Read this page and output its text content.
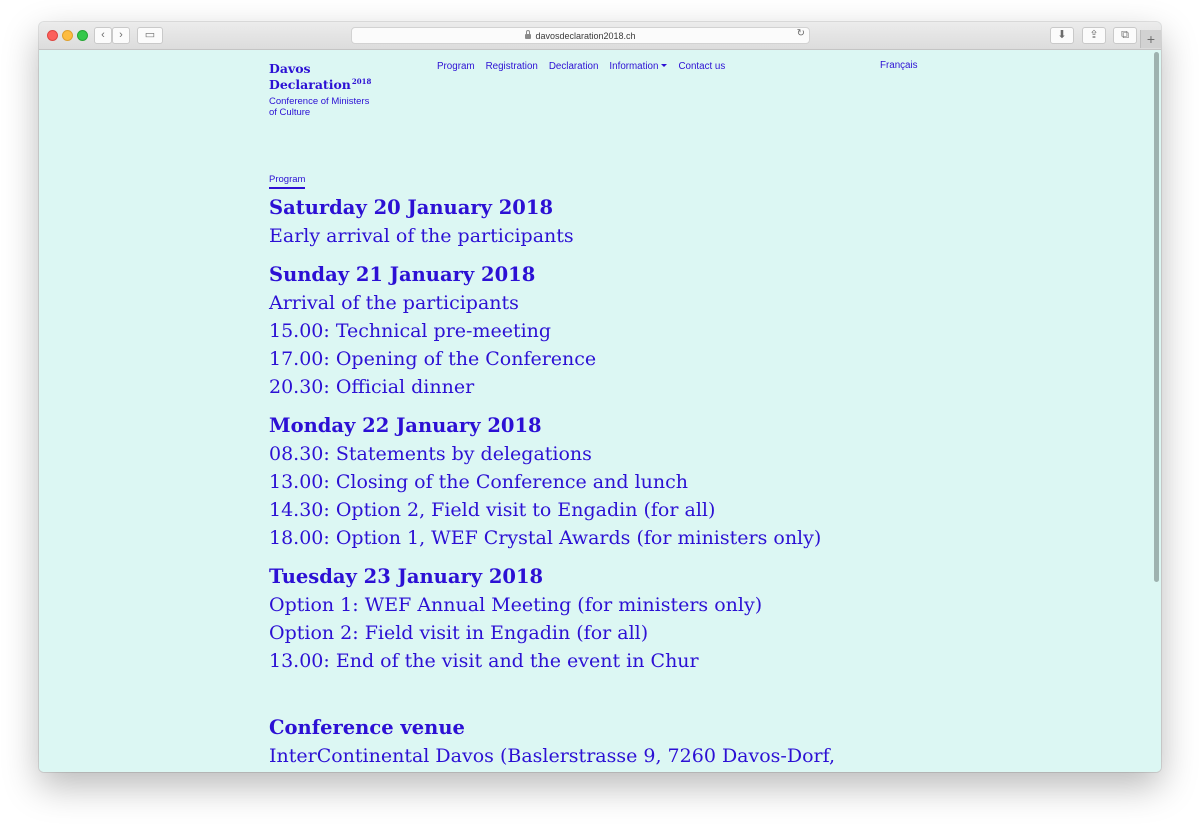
‹ › ▭	davosdeclaration2018.ch	↻	⬇ ⇪ ⧉ +
Davos
Declaration$^{2018}$
Conference of Ministers
of Culture
Program Registration Declaration Information	Contact us	Français
Program
Saturday 20 January 2018
Early arrival of the participants
Sunday 21 January 2018
Arrival of the participants
15.00: Technical pre-meeting
17.00: Opening of the Conference
20.30: Official dinner
Monday 22 January 2018
08.30: Statements by delegations
13.00: Closing of the Conference and lunch
14.30: Option 2, Field visit to Engadin (for all)
18.00: Option 1, WEF Crystal Awards (for ministers only)
Tuesday 23 January 2018
Option 1: WEF Annual Meeting (for ministers only)
Option 2: Field visit in Engadin (for all)
13.00: End of the visit and the event in Chur
Conference venue
InterContinental Davos (Baslerstrasse 9, 7260 Davos-Dorf,
